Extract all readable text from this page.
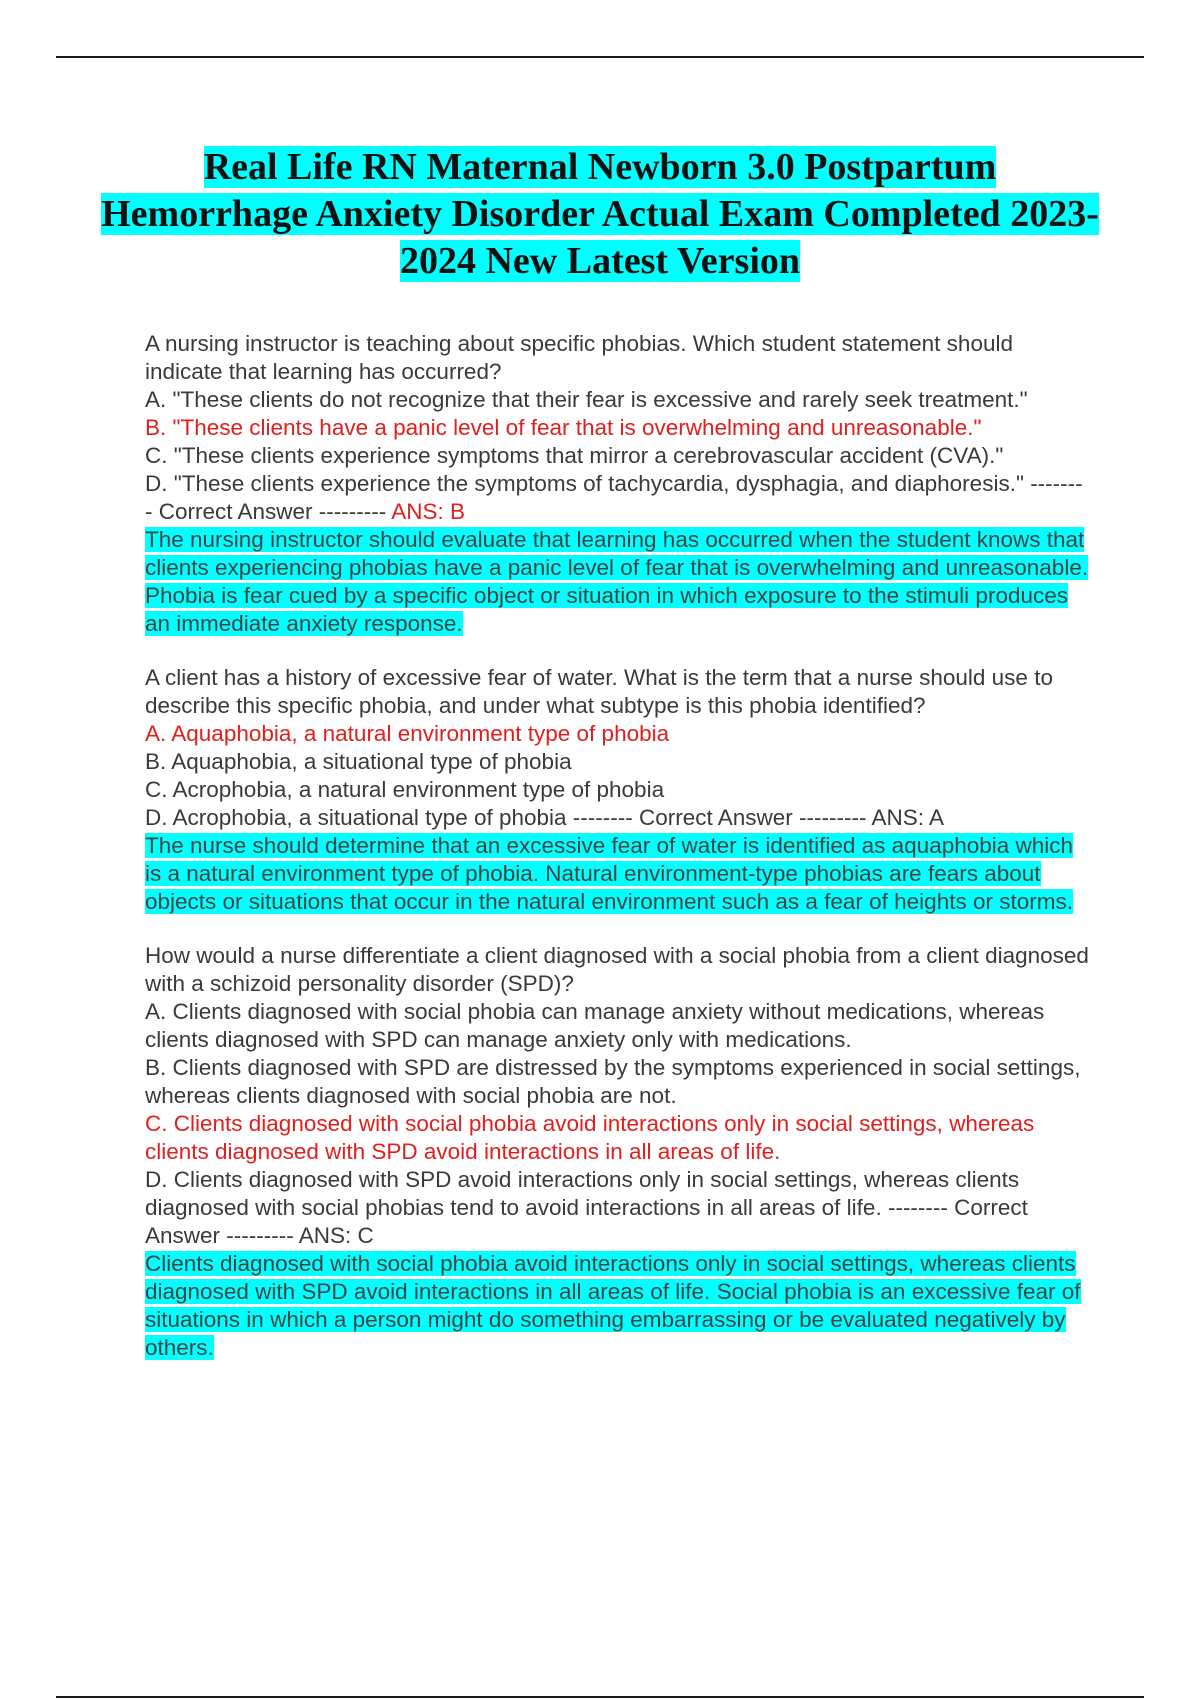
Real Life RN Maternal Newborn 3.0 Postpartum Hemorrhage Anxiety Disorder Actual Exam Completed 2023-2024 New Latest Version
A nursing instructor is teaching about specific phobias. Which student statement should indicate that learning has occurred?
A. "These clients do not recognize that their fear is excessive and rarely seek treatment."
B. "These clients have a panic level of fear that is overwhelming and unreasonable."
C. "These clients experience symptoms that mirror a cerebrovascular accident (CVA)."
D. "These clients experience the symptoms of tachycardia, dysphagia, and diaphoresis." -------- Correct Answer --------- ANS: B
The nursing instructor should evaluate that learning has occurred when the student knows that clients experiencing phobias have a panic level of fear that is overwhelming and unreasonable. Phobia is fear cued by a specific object or situation in which exposure to the stimuli produces an immediate anxiety response.
A client has a history of excessive fear of water. What is the term that a nurse should use to describe this specific phobia, and under what subtype is this phobia identified?
A. Aquaphobia, a natural environment type of phobia
B. Aquaphobia, a situational type of phobia
C. Acrophobia, a natural environment type of phobia
D. Acrophobia, a situational type of phobia -------- Correct Answer --------- ANS: A
The nurse should determine that an excessive fear of water is identified as aquaphobia which is a natural environment type of phobia. Natural environment-type phobias are fears about objects or situations that occur in the natural environment such as a fear of heights or storms.
How would a nurse differentiate a client diagnosed with a social phobia from a client diagnosed with a schizoid personality disorder (SPD)?
A. Clients diagnosed with social phobia can manage anxiety without medications, whereas clients diagnosed with SPD can manage anxiety only with medications.
B. Clients diagnosed with SPD are distressed by the symptoms experienced in social settings, whereas clients diagnosed with social phobia are not.
C. Clients diagnosed with social phobia avoid interactions only in social settings, whereas clients diagnosed with SPD avoid interactions in all areas of life.
D. Clients diagnosed with SPD avoid interactions only in social settings, whereas clients diagnosed with social phobias tend to avoid interactions in all areas of life. -------- Correct Answer --------- ANS: C
Clients diagnosed with social phobia avoid interactions only in social settings, whereas clients diagnosed with SPD avoid interactions in all areas of life. Social phobia is an excessive fear of situations in which a person might do something embarrassing or be evaluated negatively by others.
